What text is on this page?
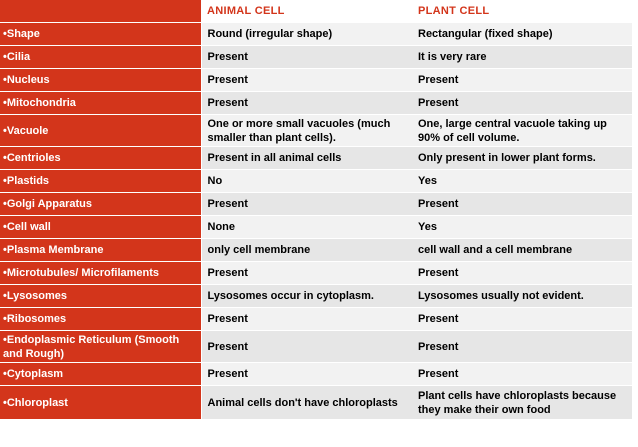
	ANIMAL CELL	PLANT CELL
•Shape	Round (irregular shape)	Rectangular (fixed shape)
•Cilia	Present	It is very rare
•Nucleus	Present	Present
•Mitochondria	Present	Present
•Vacuole	One or more small vacuoles (much smaller than plant cells).	One, large central vacuole taking up 90% of cell volume.
•Centrioles	Present in all animal cells	Only present in lower plant forms.
•Plastids	No	Yes
•Golgi Apparatus	Present	Present
•Cell wall	None	Yes
•Plasma Membrane	only cell membrane	cell wall and a cell membrane
•Microtubules/ Microfilaments	Present	Present
•Lysosomes	Lysosomes occur in cytoplasm.	Lysosomes usually not evident.
•Ribosomes	Present	Present
•Endoplasmic Reticulum (Smooth and Rough)	Present	Present
•Cytoplasm	Present	Present
•Chloroplast	Animal cells don't have chloroplasts	Plant cells have chloroplasts because they make their own food
